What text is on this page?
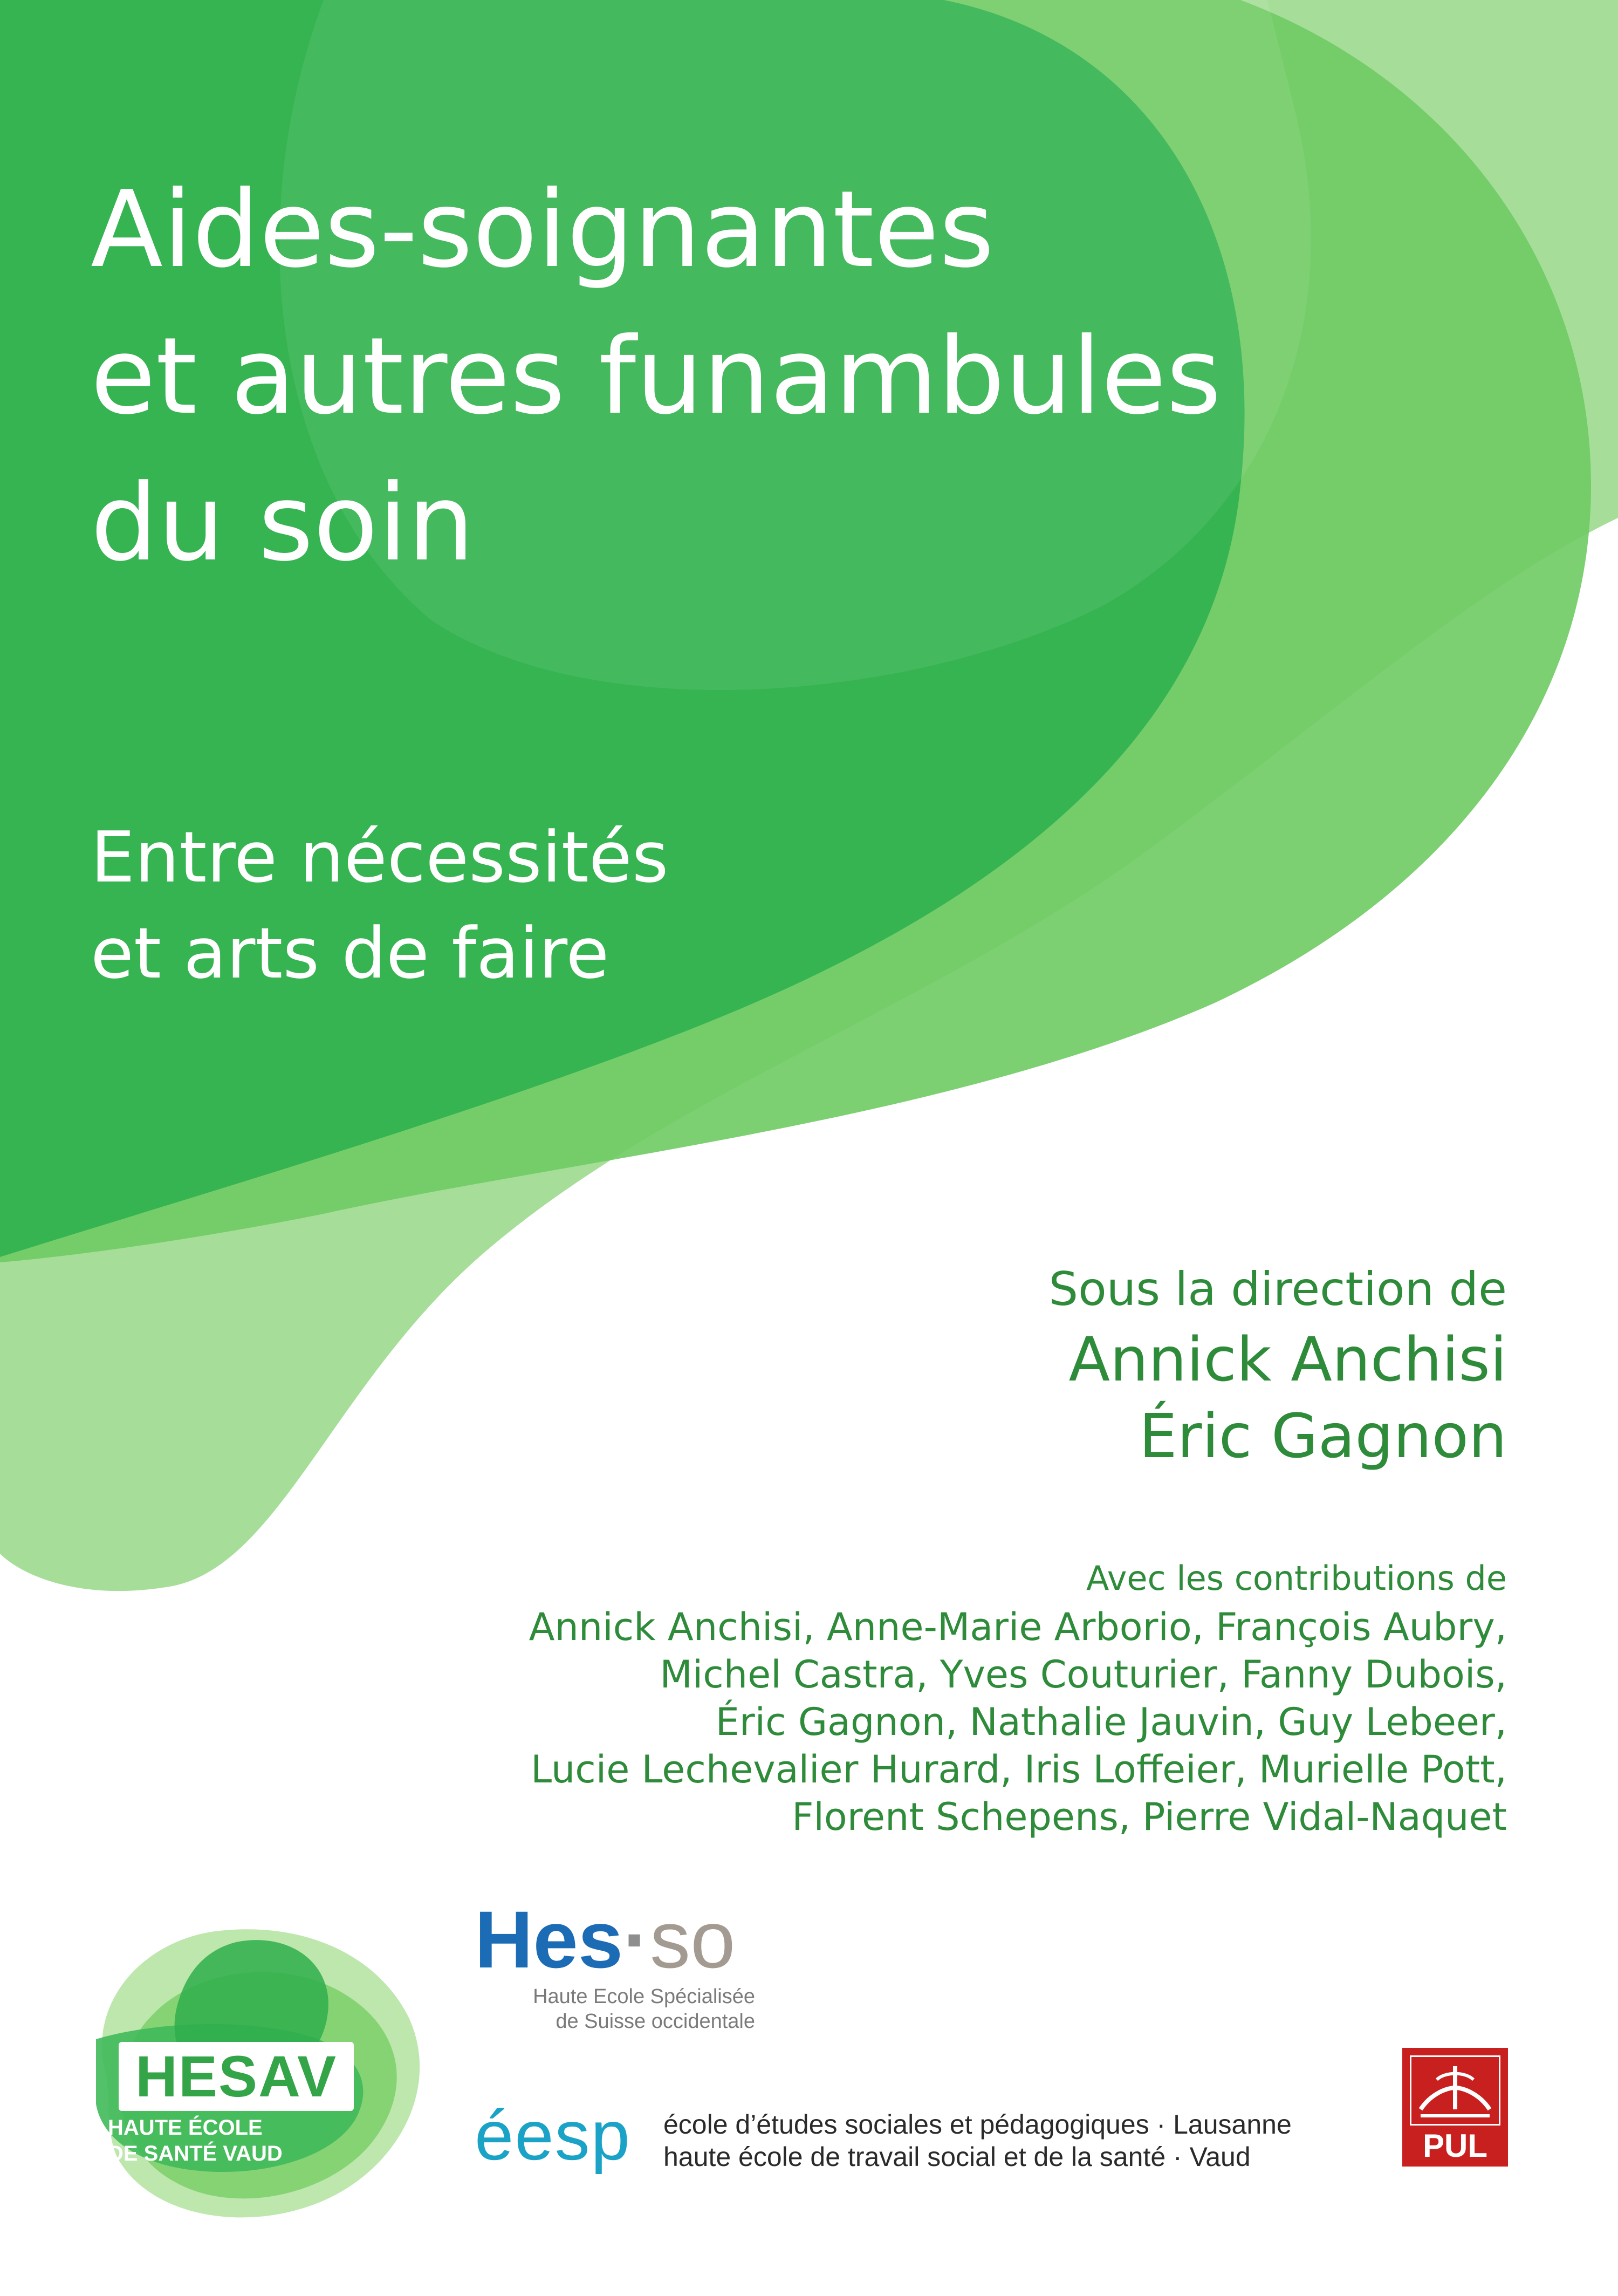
Aides-soignantes
et autres funambules
du soin
Entre nécessités
et arts de faire
Sous la direction de
Annick Anchisi
Éric Gagnon
Avec les contributions de
Annick Anchisi, Anne-Marie Arborio, François Aubry,
Michel Castra, Yves Couturier, Fanny Dubois,
Éric Gagnon, Nathalie Jauvin, Guy Lebeer,
Lucie Lechevalier Hurard, Iris Loffeier, Murielle Pott,
Florent Schepens, Pierre Vidal-Naquet
HESAV
HAUTE ÉCOLE
DE SANTÉ VAUD
Hes·so
Haute Ecole Spécialisée
de Suisse occidentale
éesp école d’études sociales et pédagogiques · Lausanne
haute école de travail social et de la santé · Vaud	PUL
